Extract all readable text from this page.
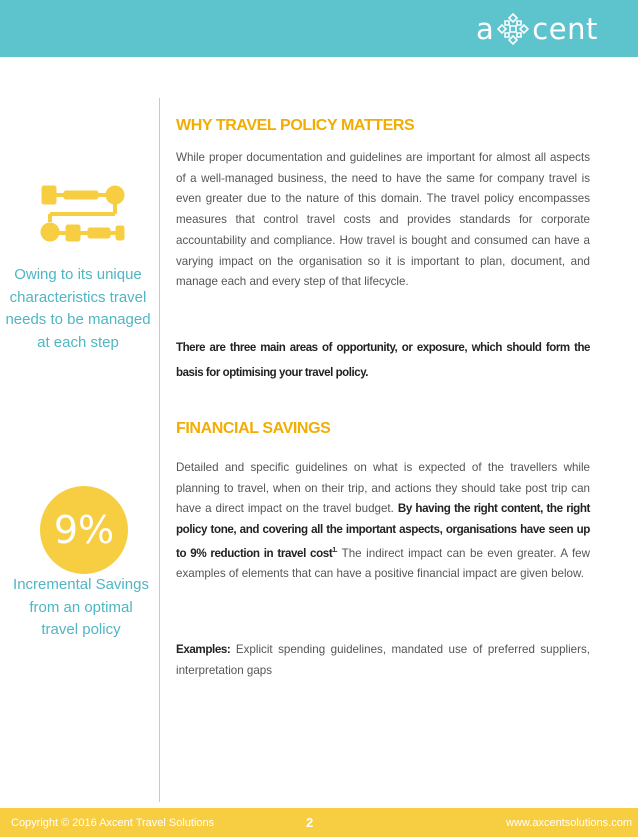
a cent
Owing to its unique characteristics travel needs to be managed at each step
9%
Incremental Savings from an optimal travel policy
WHY TRAVEL POLICY MATTERS

While proper documentation and guidelines are important for almost all aspects of a well-managed business, the need to have the same for company travel is even greater due to the nature of this domain. The travel policy encompasses measures that control travel costs and provides standards for corporate accountability and compliance. How travel is bought and consumed can have a varying impact on the organisation so it is important to plan, document, and manage each and every step of that lifecycle.

There are three main areas of opportunity, or exposure, which should form the basis for optimising your travel policy.

FINANCIAL SAVINGS

Detailed and specific guidelines on what is expected of the travellers while planning to travel, when on their trip, and actions they should take post trip can have a direct impact on the travel budget. By having the right content, the right policy tone, and covering all the important aspects, organisations have seen up to 9% reduction in travel cost$^{1.}$ The indirect impact can be even greater. A few examples of elements that can have a positive financial impact are given below.

Examples: Explicit spending guidelines, mandated use of preferred suppliers, interpretation gaps

Copyright © 2016 Axcent Travel Solutions	2	www.axcentsolutions.com
